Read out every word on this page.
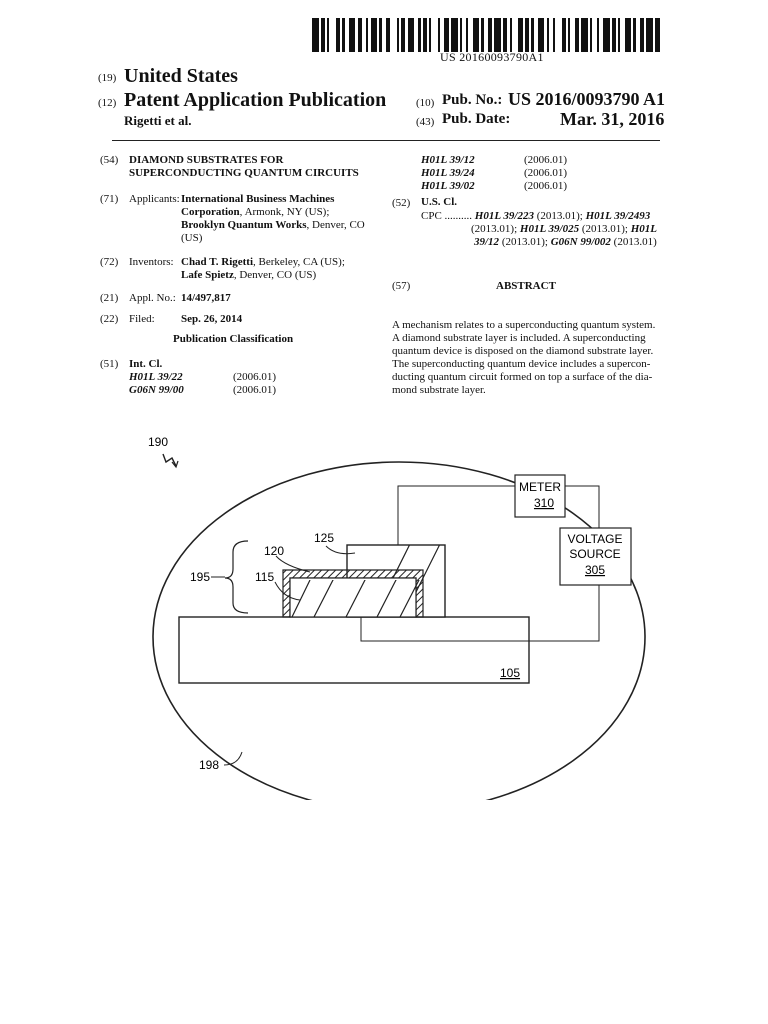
US 20160093790A1
(19) United States
(12) Patent Application Publication
Rigetti et al.
(10) Pub. No.: US 2016/0093790 A1
(43) Pub. Date:	Mar. 31, 2016
(54) DIAMOND SUBSTRATES FOR
SUPERCONDUCTING QUANTUM CIRCUITS
(71) Applicants: International Business Machines
Corporation, Armonk, NY (US);
Brooklyn Quantum Works, Denver, CO
(US)
(72) Inventors: Chad T. Rigetti, Berkeley, CA (US);
Lafe Spietz, Denver, CO (US)
(21) Appl. No.: 14/497,817
(22) Filed: Sep. 26, 2014
Publication Classification
(51) Int. Cl.
H01L 39/22	(2006.01)
G06N 99/00	(2006.01)
H01L 39/12	(2006.01)
H01L 39/24	(2006.01)
H01L 39/02	(2006.01)
(52) U.S. Cl.
CPC .......... H01L 39/223 (2013.01); H01L 39/2493
(2013.01); H01L 39/025 (2013.01); H01L
39/12 (2013.01); G06N 99/002 (2013.01)
(57)	ABSTRACT
A mechanism relates to a superconducting quantum system.
A diamond substrate layer is included. A superconducting
quantum device is disposed on the diamond substrate layer.
The superconducting quantum device includes a supercon-
ducting quantum circuit formed on top a surface of the dia-
mond substrate layer.
190
125
120
195	115
105
198
METER
310
VOLTAGE
SOURCE
305
